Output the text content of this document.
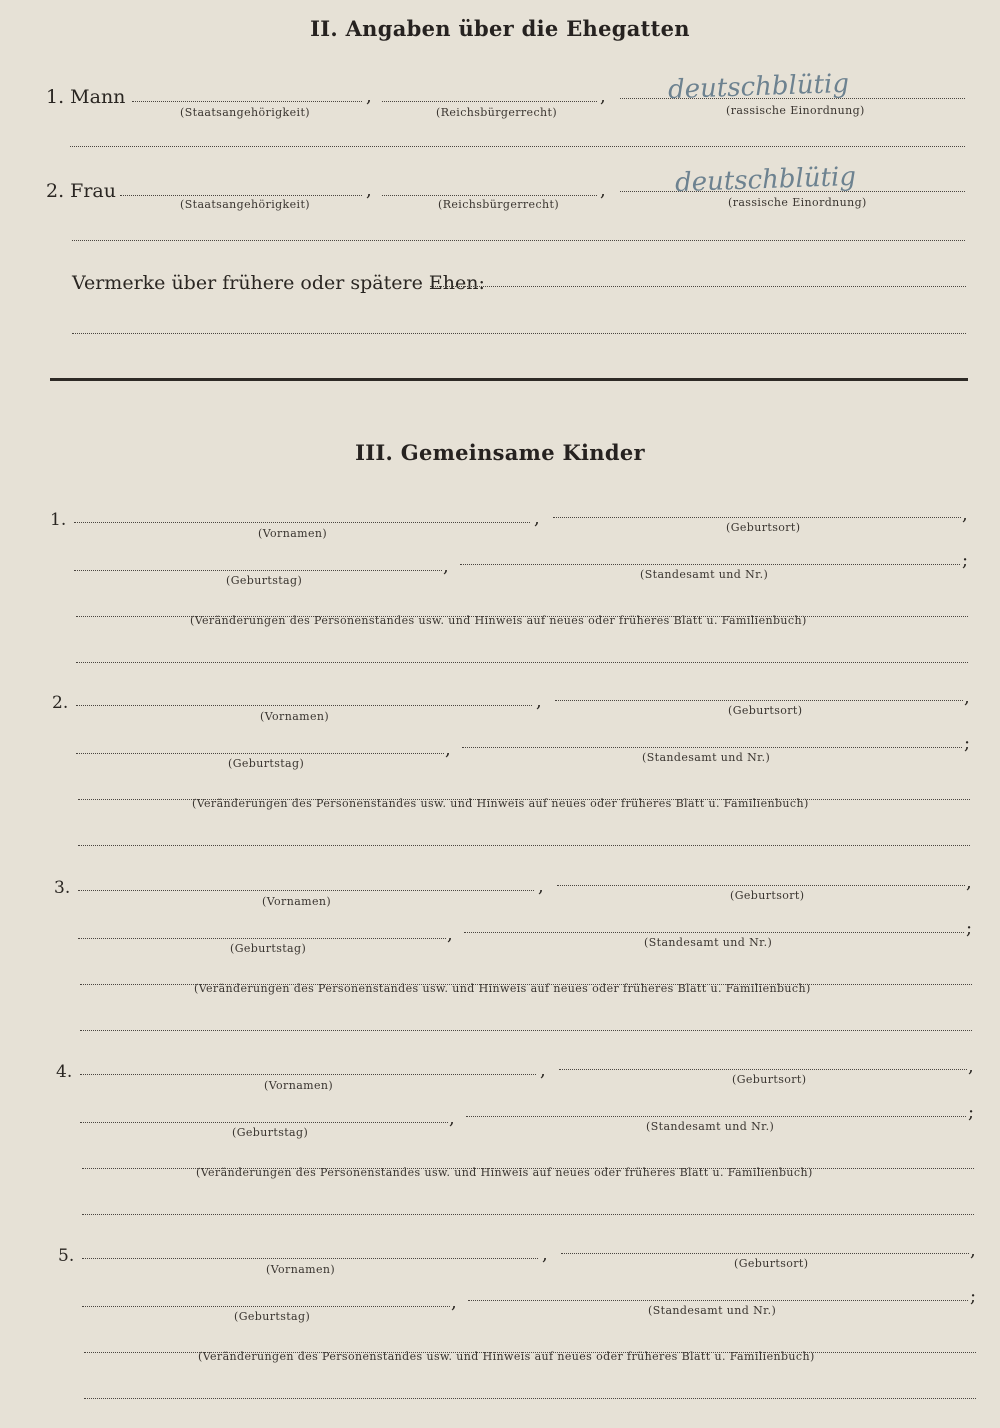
II. Angaben über die Ehegatten
1. Mann	,	, deutschblütig
(Staatsangehörigkeit)	(Reichsbürgerrecht)	(rassische Einordnung)
2. Frau	,	,	deutschblütig
(Staatsangehörigkeit)	(Reichsbürgerrecht)	(rassische Einordnung)
Vermerke über frühere oder spätere Ehen:
III. Gemeinsame Kinder
1.	,	,
(Vornamen)	(Geburtsort)
,	;
(Geburtstag)	(Standesamt und Nr.)
(Veränderungen des Personenstandes usw. und Hinweis auf neues oder früheres Blatt u. Familienbuch)
2.	,	,
(Vornamen)	(Geburtsort)
,	;
(Geburtstag)	(Standesamt und Nr.)
(Veränderungen des Personenstandes usw. und Hinweis auf neues oder früheres Blatt u. Familienbuch)
3.	,	,
(Vornamen)	(Geburtsort)
,	;
(Geburtstag)	(Standesamt und Nr.)
(Veränderungen des Personenstandes usw. und Hinweis auf neues oder früheres Blatt u. Familienbuch)
4.	,	,
(Vornamen)	(Geburtsort)
,	;
(Geburtstag)	(Standesamt und Nr.)
(Veränderungen des Personenstandes usw. und Hinweis auf neues oder früheres Blatt u. Familienbuch)
5.	,	,
(Vornamen)	(Geburtsort)
,	;
(Geburtstag)	(Standesamt und Nr.)
(Veränderungen des Personenstandes usw. und Hinweis auf neues oder früheres Blatt u. Familienbuch)
